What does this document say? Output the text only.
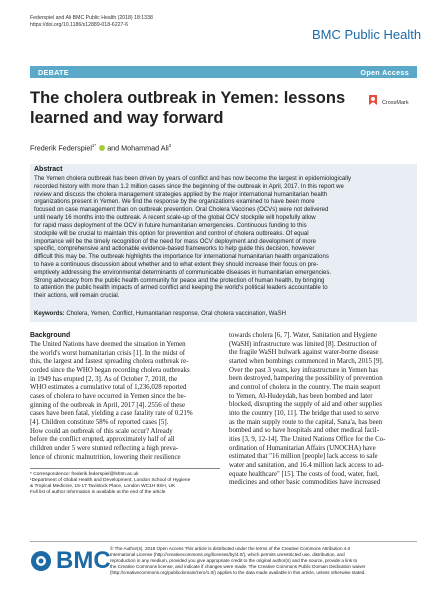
Federspiel and Ali BMC Public Health (2018) 18:1338
https://doi.org/10.1186/s12889-018-6227-6
BMC Public Health
DEBATE	Open Access
The cholera outbreak in Yemen: lessons
learned and way forward
CrossMark
Frederik Federspiel$^{1*}$ and Mohammad Ali$^2$
Abstract
The Yemen cholera outbreak has been driven by years of conflict and has now become the largest in epidemiologically
recorded history with more than 1.2 million cases since the beginning of the outbreak in April, 2017. In this report we
review and discuss the cholera management strategies applied by the major international humanitarian health
organizations present in Yemen. We find the response by the organizations examined to have been more
focused on case management than on outbreak prevention. Oral Cholera Vaccines (OCVs) were not delivered
until nearly 16 months into the outbreak. A recent scale-up of the global OCV stockpile will hopefully allow
for rapid mass deployment of the OCV in future humanitarian emergencies. Continuous funding to this
stockpile will be crucial to maintain this option for prevention and control of cholera outbreaks. Of equal
importance will be the timely recognition of the need for mass OCV deployment and development of more
specific, comprehensive and actionable evidence-based frameworks to help guide this decision, however
difficult this may be. The outbreak highlights the importance for international humanitarian health organizations
to have a continuous discussion about whether and to what extent they should increase their focus on pre-
emptively addressing the environmental determinants of communicable diseases in humanitarian emergencies.
Strong advocacy from the public health community for peace and the protection of human health, by bringing
to attention the public health impacts of armed conflict and keeping the world's political leaders accountable to
their actions, will remain crucial.
Keywords: Cholera, Yemen, Conflict, Humanitarian response, Oral cholera vaccination, WaSH
Background
The United Nations have deemed the situation in Yemen
the world's worst humanitarian crisis [1]. In the midst of
this, the largest and fastest spreading cholera outbreak re-
corded since the WHO began recording cholera outbreaks
in 1949 has erupted [2, 3]. As of October 7, 2018, the
WHO estimates a cumulative total of 1,236,028 reported
cases of cholera to have occurred in Yemen since the be-
ginning of the outbreak in April, 2017 [4]. 2556 of these
cases have been fatal, yielding a case fatality rate of 0.21%
[4]. Children constitute 58% of reported cases [5].
How could an outbreak of this scale occur? Already
before the conflict erupted, approximately half of all
children under 5 were stunted reflecting a high preva-
lence of chronic malnutrition, lowering their resilience
* Correspondence: frederik.federspiel@lshtm.ac.uk
¹Department of Global Health and Development, London School of Hygiene
& Tropical Medicine, 15-17 Tavistock Place, London WC1H 9SH, UK
Full list of author information is available at the end of the article
towards cholera [6, 7]. Water, Sanitation and Hygiene
(WaSH) infrastructure was limited [8]. Destruction of
the fragile WaSH bulwark against water-borne disease
started when bombings commenced in March, 2015 [9].
Over the past 3 years, key infrastructure in Yemen has
been destroyed, hampering the possibility of prevention
and control of cholera in the country. The main seaport
to Yemen, Al-Hudeydah, has been bombed and later
blocked, disrupting the supply of aid and other supplies
into the country [10, 11]. The bridge that used to serve
as the main supply route to the capital, Sana'a, has been
bombed and so have hospitals and other medical facil-
ities [3, 9, 12-14]. The United Nations Office for the Co-
ordination of Humanitarian Affairs (UNOCHA) have
estimated that "16 million [people] lack access to safe
water and sanitation, and 16.4 million lack access to ad-
equate healthcare" [15]. The costs of food, water, fuel,
medicines and other basic commodities have increased
BMC © The Author(s). 2018 Open Access This article is distributed under the terms of the Creative Commons Attribution 4.0
International License (http://creativecommons.org/licenses/by/4.0/), which permits unrestricted use, distribution, and
reproduction in any medium, provided you give appropriate credit to the original author(s) and the source, provide a link to
the Creative Commons license, and indicate if changes were made. The Creative Commons Public Domain Dedication waiver
(http://creativecommons.org/publicdomain/zero/1.0/) applies to the data made available in this article, unless otherwise stated.
